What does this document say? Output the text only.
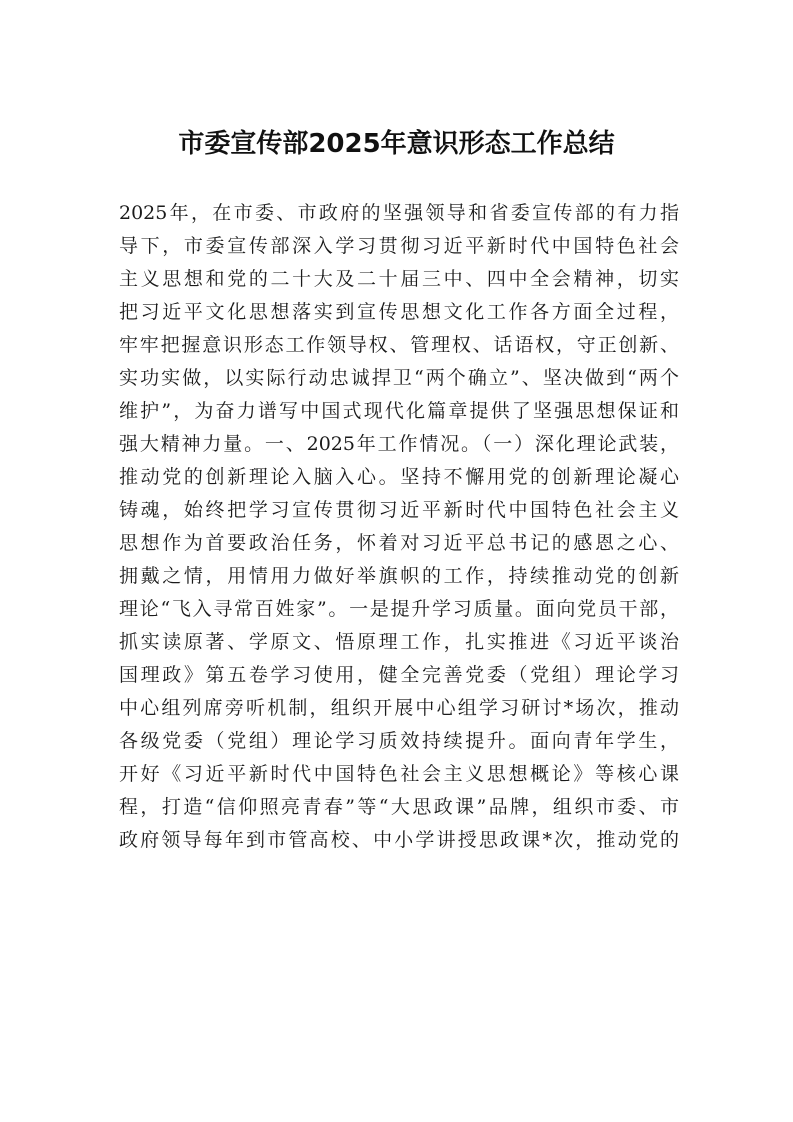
市委宣传部2025年意识形态工作总结
2025年，在市委、市政府的坚强领导和省委宣传部的有力指
导下，市委宣传部深入学习贯彻习近平新时代中国特色社会
主义思想和党的二十大及二十届三中、四中全会精神，切实
把习近平文化思想落实到宣传思想文化工作各方面全过程，
牢牢把握意识形态工作领导权、管理权、话语权，守正创新、
实功实做，以实际行动忠诚捍卫“两个确立”、坚决做到“两个
维护”，为奋力谱写中国式现代化篇章提供了坚强思想保证和
强大精神力量。一、2025年工作情况。（一）深化理论武装，
推动党的创新理论入脑入心。坚持不懈用党的创新理论凝心
铸魂，始终把学习宣传贯彻习近平新时代中国特色社会主义
思想作为首要政治任务，怀着对习近平总书记的感恩之心、
拥戴之情，用情用力做好举旗帜的工作，持续推动党的创新
理论“飞入寻常百姓家”。一是提升学习质量。面向党员干部，
抓实读原著、学原文、悟原理工作，扎实推进《习近平谈治
国理政》第五卷学习使用，健全完善党委（党组）理论学习
中心组列席旁听机制，组织开展中心组学习研讨*场次，推动
各级党委（党组）理论学习质效持续提升。面向青年学生，
开好《习近平新时代中国特色社会主义思想概论》等核心课
程，打造“信仰照亮青春”等“大思政课”品牌，组织市委、市
政府领导每年到市管高校、中小学讲授思政课*次，推动党的
